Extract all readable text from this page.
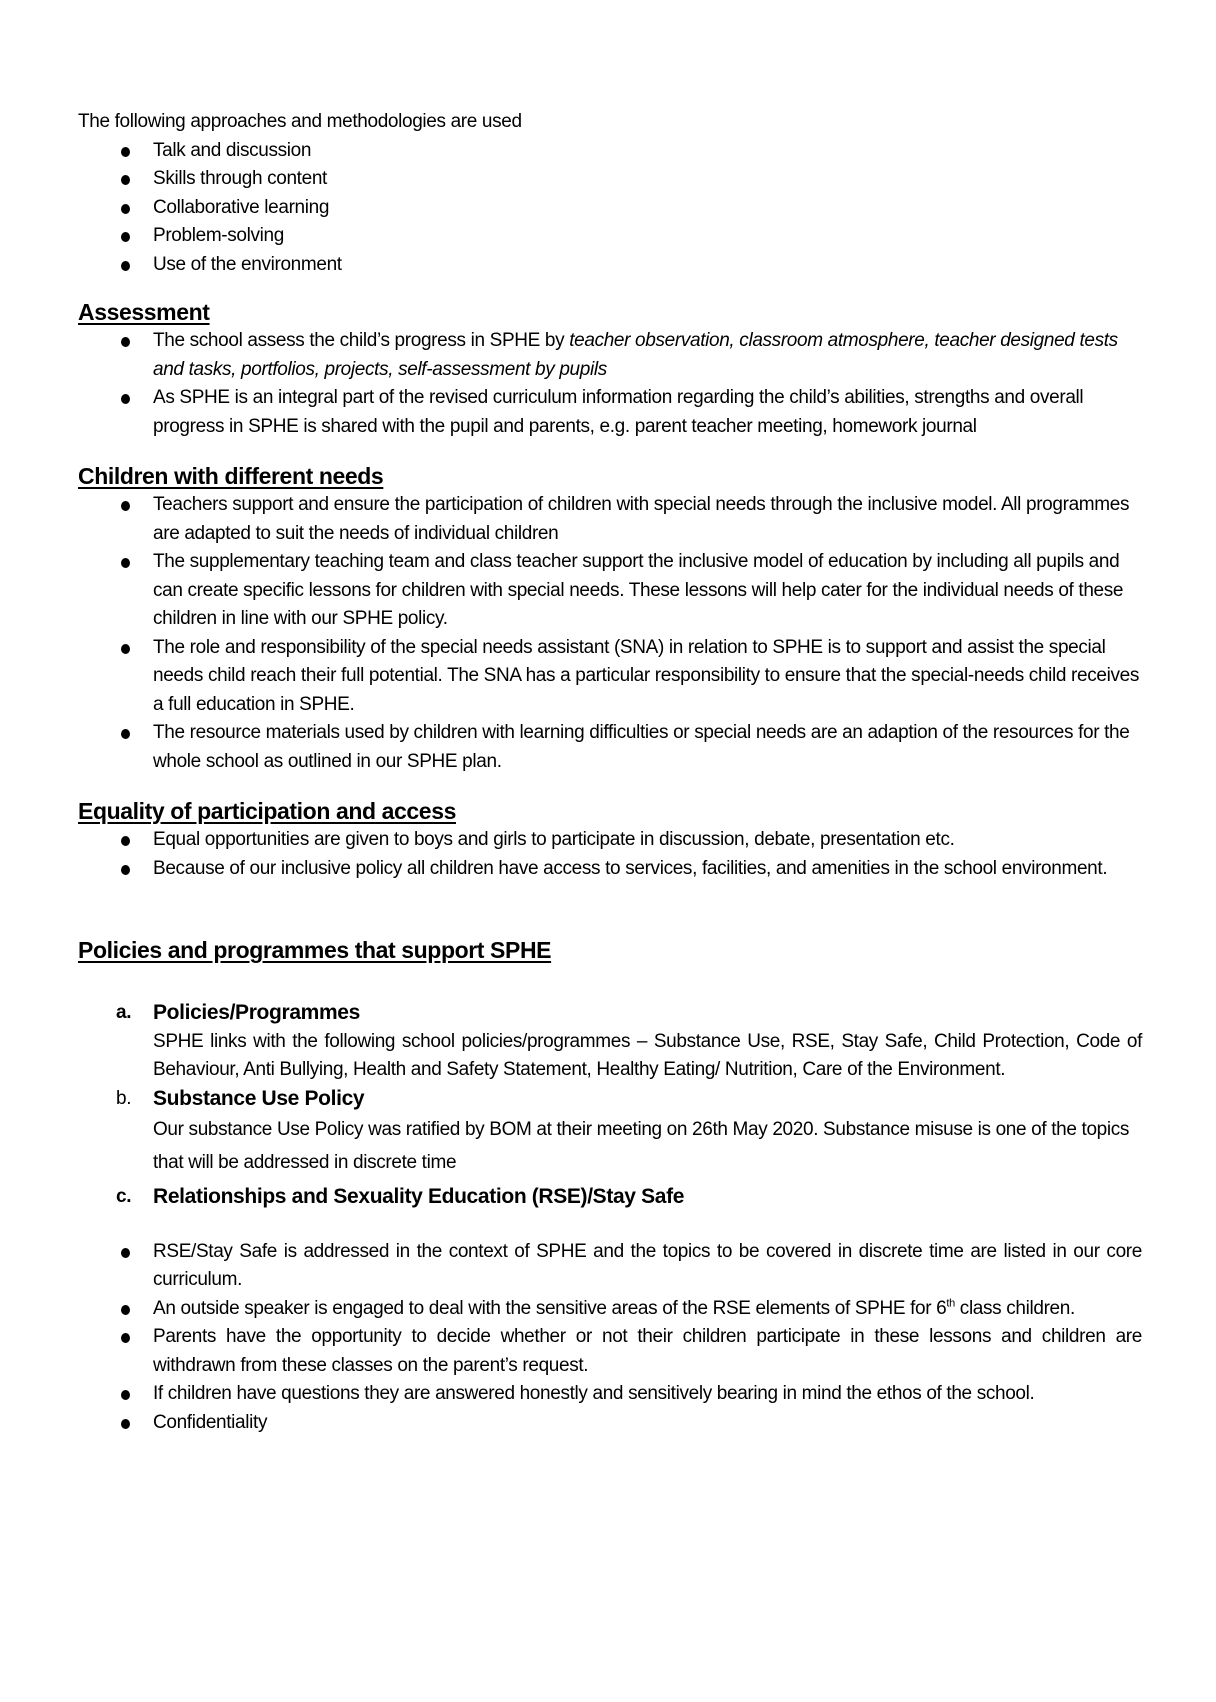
The following approaches and methodologies are used

Talk and discussion
Skills through content
Collaborative learning
Problem-solving
Use of the environment
Assessment
The school assess the child’s progress in SPHE by teacher observation, classroom atmosphere, teacher designed tests and tasks, portfolios, projects, self-assessment by pupils
As SPHE is an integral part of the revised curriculum information regarding the child’s abilities, strengths and overall progress in SPHE is shared with the pupil and parents, e.g. parent teacher meeting, homework journal
Children with different needs
Teachers support and ensure the participation of children with special needs through the inclusive model. All programmes are adapted to suit the needs of individual children
The supplementary teaching team and class teacher support the inclusive model of education by including all pupils and can create specific lessons for children with special needs. These lessons will help cater for the individual needs of these children in line with our SPHE policy.
The role and responsibility of the special needs assistant (SNA) in relation to SPHE is to support and assist the special needs child reach their full potential. The SNA has a particular responsibility to ensure that the special-needs child receives a full education in SPHE.
The resource materials used by children with learning difficulties or special needs are an adaption of the resources for the whole school as outlined in our SPHE plan.
Equality of participation and access
Equal opportunities are given to boys and girls to participate in discussion, debate, presentation etc.
Because of our inclusive policy all children have access to services, facilities, and amenities in the school environment.
Policies and programmes that support SPHE
a. Policies/Programmes
SPHE links with the following school policies/programmes – Substance Use, RSE, Stay Safe, Child Protection, Code of Behaviour, Anti Bullying, Health and Safety Statement, Healthy Eating/ Nutrition, Care of the Environment.
b. Substance Use Policy
Our substance Use Policy was ratified by BOM at their meeting on 26th May 2020. Substance misuse is one of the topics that will be addressed in discrete time
c. Relationships and Sexuality Education (RSE)/Stay Safe
RSE/Stay Safe is addressed in the context of SPHE and the topics to be covered in discrete time are listed in our core curriculum.
An outside speaker is engaged to deal with the sensitive areas of the RSE elements of SPHE for 6th class children.
Parents have the opportunity to decide whether or not their children participate in these lessons and children are withdrawn from these classes on the parent’s request.
If children have questions they are answered honestly and sensitively bearing in mind the ethos of the school.
Confidentiality
